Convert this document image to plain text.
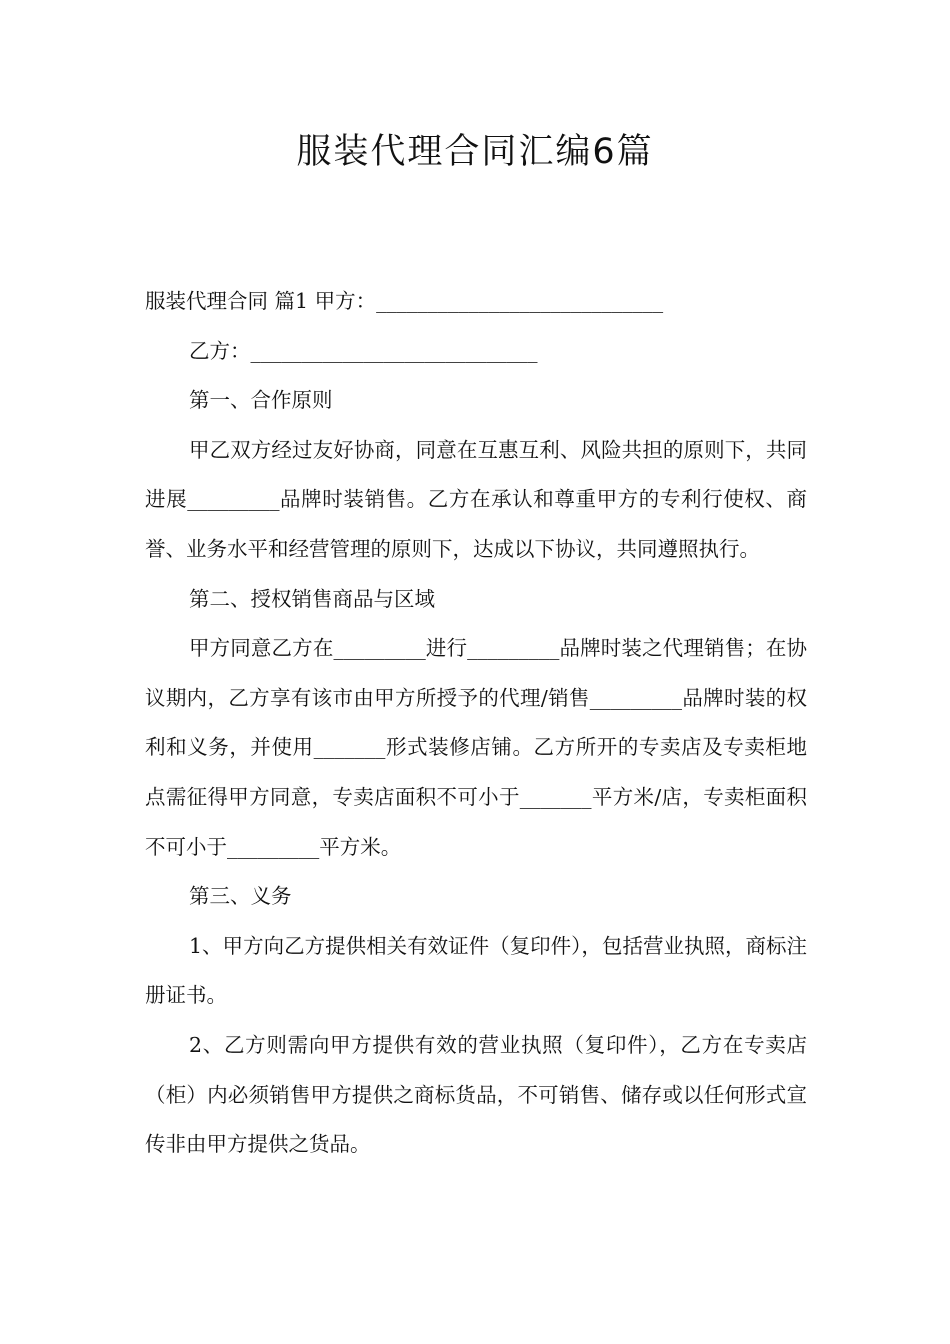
服装代理合同汇编6篇

服装代理合同 篇1 甲方：____________________________

乙方：____________________________

第一、合作原则

甲乙双方经过友好协商，同意在互惠互利、风险共担的原则下，共同进展_________品牌时装销售。乙方在承认和尊重甲方的专利行使权、商誉、业务水平和经营管理的原则下，达成以下协议，共同遵照执行。

第二、授权销售商品与区域

甲方同意乙方在_________进行_________品牌时装之代理销售；在协议期内，乙方享有该市由甲方所授予的代理/销售_________品牌时装的权利和义务，并使用_______形式装修店铺。乙方所开的专卖店及专卖柜地点需征得甲方同意，专卖店面积不可小于_______平方米/店，专卖柜面积不可小于_________平方米。

第三、义务

1、甲方向乙方提供相关有效证件（复印件），包括营业执照，商标注册证书。

2、乙方则需向甲方提供有效的营业执照（复印件），乙方在专卖店（柜）内必须销售甲方提供之商标货品，不可销售、储存或以任何形式宣传非由甲方提供之货品。
